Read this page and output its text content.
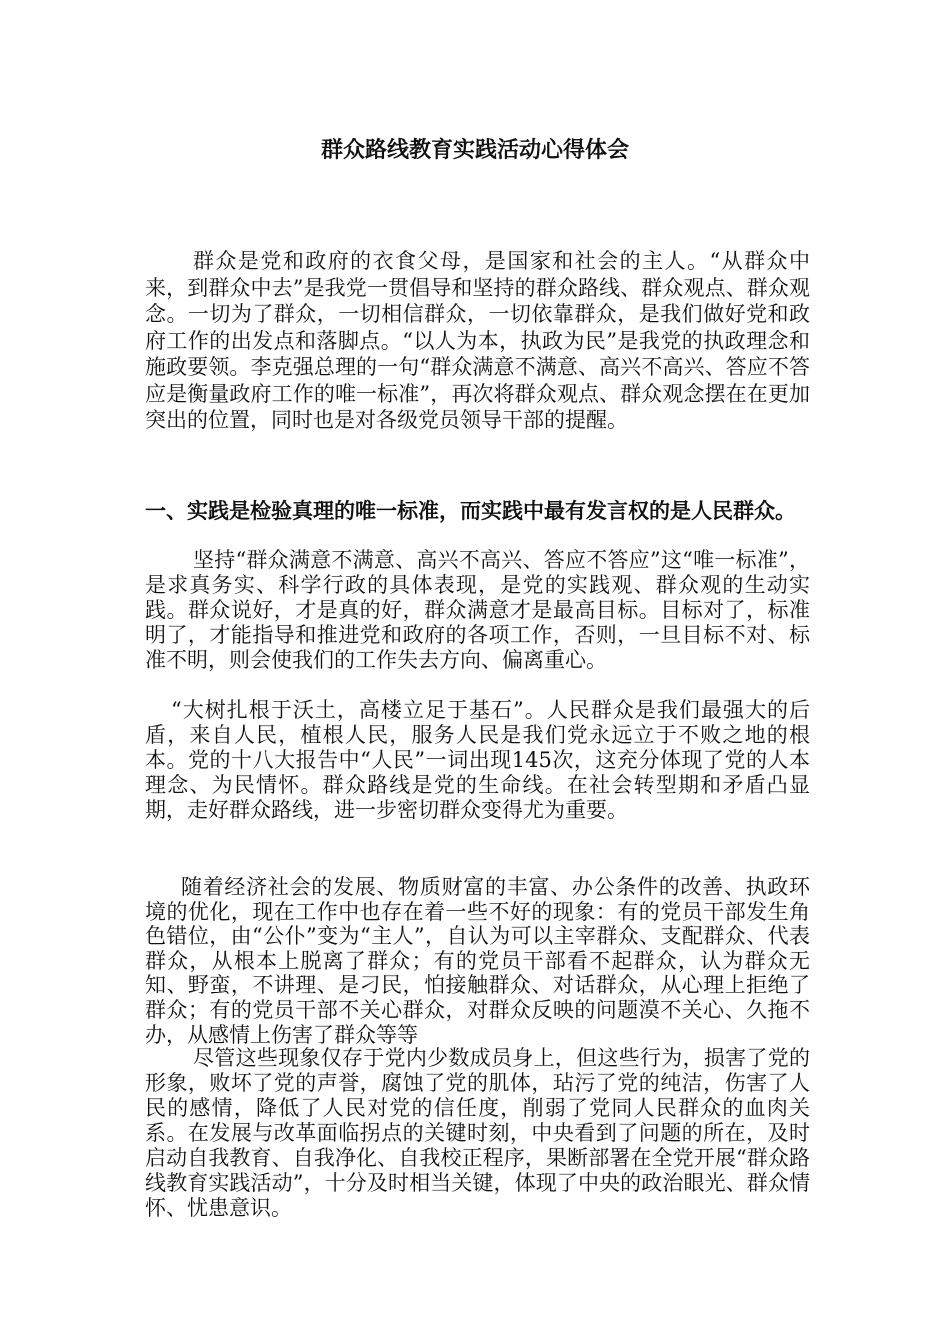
群众路线教育实践活动心得体会

群众是党和政府的衣食父母，是国家和社会的主人。“从群众中来，到群众中去”是我党一贯倡导和坚持的群众路线、群众观点、群众观念。一切为了群众，一切相信群众，一切依靠群众，是我们做好党和政府工作的出发点和落脚点。“以人为本，执政为民”是我党的执政理念和施政要领。李克强总理的一句“群众满意不满意、高兴不高兴、答应不答应是衡量政府工作的唯一标准”，再次将群众观点、群众观念摆在在更加突出的位置，同时也是对各级党员领导干部的提醒。

一、实践是检验真理的唯一标准，而实践中最有发言权的是人民群众。

坚持“群众满意不满意、高兴不高兴、答应不答应”这“唯一标准”，是求真务实、科学行政的具体表现，是党的实践观、群众观的生动实践。群众说好，才是真的好，群众满意才是最高目标。目标对了，标准明了，才能指导和推进党和政府的各项工作，否则，一旦目标不对、标准不明，则会使我们的工作失去方向、偏离重心。

“大树扎根于沃土，高楼立足于基石”。人民群众是我们最强大的后盾，来自人民，植根人民，服务人民是我们党永远立于不败之地的根本。党的十八大报告中“人民”一词出现145次，这充分体现了党的人本理念、为民情怀。群众路线是党的生命线。在社会转型期和矛盾凸显期，走好群众路线，进一步密切群众变得尤为重要。

随着经济社会的发展、物质财富的丰富、办公条件的改善、执政环境的优化，现在工作中也存在着一些不好的现象：有的党员干部发生角色错位，由“公仆”变为“主人”，自认为可以主宰群众、支配群众、代表群众，从根本上脱离了群众；有的党员干部看不起群众，认为群众无知、野蛮，不讲理、是刁民，怕接触群众、对话群众，从心理上拒绝了群众；有的党员干部不关心群众，对群众反映的问题漠不关心、久拖不办，从感情上伤害了群众等等

尽管这些现象仅存于党内少数成员身上，但这些行为，损害了党的形象，败坏了党的声誉，腐蚀了党的肌体，玷污了党的纯洁，伤害了人民的感情，降低了人民对党的信任度，削弱了党同人民群众的血肉关系。在发展与改革面临拐点的关键时刻，中央看到了问题的所在，及时启动自我教育、自我净化、自我校正程序，果断部署在全党开展“群众路线教育实践活动”，十分及时相当关键，体现了中央的政治眼光、群众情怀、忧患意识。
